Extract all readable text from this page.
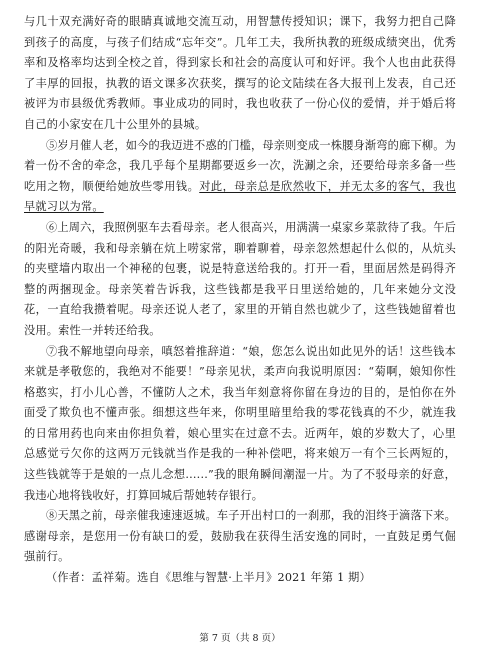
与几十双充满好奇的眼睛真诚地交流互动，用智慧传授知识；课下，我努力把自己降到孩子的高度，与孩子们结成“忘年交”。几年工夫，我所执教的班级成绩突出，优秀率和及格率均达到全校之首，得到家长和社会的高度认可和好评。我个人也由此获得了丰厚的回报，执教的语文课多次获奖，撰写的论文陆续在各大报刊上发表，自己还被评为市县级优秀教师。事业成功的同时，我也收获了一份心仪的爱情，并于婚后将自己的小家安在几十公里外的县城。

⑤岁月催人老，如今的我迈进不惑的门槛，母亲则变成一株腰身渐弯的廊下柳。为着一份不舍的牵念，我几乎每个星期都要返乡一次，洗涮之余，还要给母亲多备一些吃用之物，顺便给她放些零用钱。对此，母亲总是欣然收下，并无太多的客气，我也早就习以为常。

⑥上周六，我照例驱车去看母亲。老人很高兴，用满满一桌家乡菜款待了我。午后的阳光奇暖，我和母亲躺在炕上唠家常，聊着聊着，母亲忽然想起什么似的，从炕头的夹壁墙内取出一个神秘的包裹，说是特意送给我的。打开一看，里面居然是码得齐整的两捆现金。母亲笑着告诉我，这些钱都是我平日里送给她的，几年来她分文没花，一直给我攒着呢。母亲还说人老了，家里的开销自然也就少了，这些钱她留着也没用。索性一并转还给我。

⑦我不解地望向母亲，嗔怒着推辞道：“娘，您怎么说出如此见外的话！这些钱本来就是孝敬您的，我绝对不能要！”母亲见状，柔声向我说明原因：“菊啊，娘知你性格憨实，打小儿心善，不懂防人之术，我当年刻意将你留在身边的目的，是怕你在外面受了欺负也不懂声张。细想这些年来，你明里暗里给我的零花钱真的不少，就连我的日常用药也向来由你担负着，娘心里实在过意不去。近两年，娘的岁数大了，心里总感觉亏欠你的这两万元钱就当作是我的一种补偿吧，将来娘万一有个三长两短的，这些钱就等于是娘的一点儿念想......”我的眼角瞬间潮湿一片。为了不驳母亲的好意，我违心地将钱收好，打算回城后帮她转存银行。

⑧天黑之前，母亲催我速速返城。车子开出村口的一刹那，我的泪终于滴落下来。感谢母亲，是您用一份有缺口的爱，鼓励我在获得生活安逸的同时，一直鼓足勇气倔强前行。

（作者：孟祥菊。选自《思维与智慧·上半月》2021 年第 1 期）

第 7 页（共 8 页）
